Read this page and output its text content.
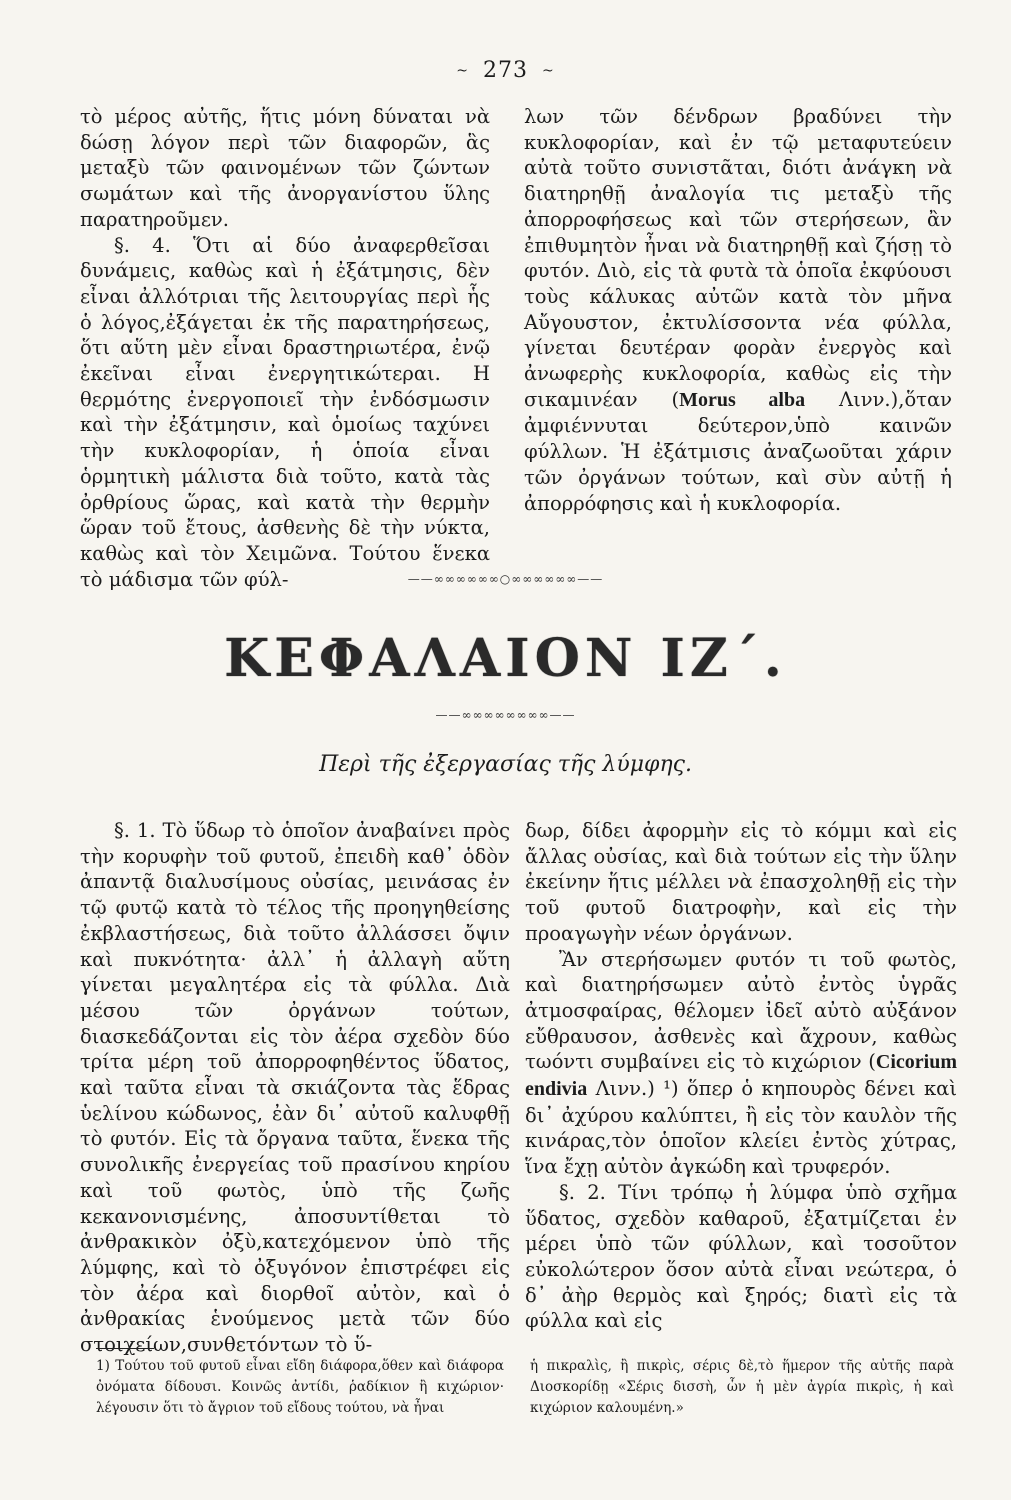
~ 273 ~

τὸ μέρος αὐτῆς, ἥτις μόνη δύναται νὰ δώσῃ λόγον περὶ τῶν διαφορῶν, ἃς μεταξὺ τῶν φαινομένων τῶν ζώντων σωμάτων καὶ τῆς ἀνοργανίστου ὕλης παρατηροῦμεν.

§. 4. Ὅτι αἱ δύο ἀναφερθεῖσαι δυνάμεις, καθὼς καὶ ἡ ἐξάτμησις, δὲν εἶναι ἀλλότριαι τῆς λειτουργίας περὶ ἧς ὁ λόγος,ἐξάγεται ἐκ τῆς παρατηρήσεως, ὅτι αὕτη μὲν εἶναι δραστηριωτέρα, ἐνῷ ἐκεῖναι εἶναι ἐνεργητικώτεραι. Η θερμότης ἐνεργοποιεῖ τὴν ἐνδόσμωσιν καὶ τὴν ἐξάτμησιν, καὶ ὁμοίως ταχύνει τὴν κυκλοφορίαν, ἡ ὁποία εἶναι ὁρμητικὴ μάλιστα διὰ τοῦτο, κατὰ τὰς ὀρθρίους ὥρας, καὶ κατὰ τὴν θερμὴν ὥραν τοῦ ἔτους, ἀσθενὴς δὲ τὴν νύκτα, καθὼς καὶ τὸν Χειμῶνα. Τούτου ἕνεκα τὸ μάδισμα τῶν φύλ-

λων τῶν δένδρων βραδύνει τὴν κυκλοφορίαν, καὶ ἐν τῷ μεταφυτεύειν αὐτὰ τοῦτο συνιστᾶται, διότι ἀνάγκη νὰ διατηρηθῇ ἀναλογία τις μεταξὺ τῆς ἀπορροφήσεως καὶ τῶν στερήσεων, ἂν ἐπιθυμητὸν ἦναι νὰ διατηρηθῇ καὶ ζήσῃ τὸ φυτόν. Διὸ, εἰς τὰ φυτὰ τὰ ὁποῖα ἐκφύουσι τοὺς κάλυκας αὐτῶν κατὰ τὸν μῆνα Αὔγουστον, ἐκτυλίσσοντα νέα φύλλα, γίνεται δευτέραν φορὰν ἐνεργὸς καὶ ἀνωφερὴς κυκλοφορία, καθὼς εἰς τὴν σικαμινέαν (Morus alba Λινν.),ὅταν ἀμφιέννυται δεύτερον,ὑπὸ καινῶν φύλλων. Ἡ ἐξάτμισις ἀναζωοῦται χάριν τῶν ὀργάνων τούτων, καὶ σὺν αὐτῇ ἡ ἀπορρόφησις καὶ ἡ κυκλοφορία.

——∞∞∞∞∞∞○∞∞∞∞∞∞——
ΚΕΦΑΛΑΙΟΝ ΙΖ΄.
——∞∞∞∞∞∞∞∞——
Περὶ τῆς ἐξεργασίας τῆς λύμφης.

§. 1. Τὸ ὕδωρ τὸ ὁποῖον ἀναβαίνει πρὸς τὴν κορυφὴν τοῦ φυτοῦ, ἐπειδὴ καθ᾽ ὁδὸν ἀπαντᾷ διαλυσίμους οὐσίας, μεινάσας ἐν τῷ φυτῷ κατὰ τὸ τέλος τῆς προηγηθείσης ἐκβλαστήσεως, διὰ τοῦτο ἀλλάσσει ὄψιν καὶ πυκνότητα· ἀλλ᾽ ἡ ἀλλαγὴ αὕτη γίνεται μεγαλητέρα εἰς τὰ φύλλα. Διὰ μέσου τῶν ὀργάνων τούτων, διασκεδάζονται εἰς τὸν ἀέρα σχεδὸν δύο τρίτα μέρη τοῦ ἀπορροφηθέντος ὕδατος, καὶ ταῦτα εἶναι τὰ σκιάζοντα τὰς ἕδρας ὑελίνου κώδωνος, ἐὰν δι᾽ αὐτοῦ καλυφθῇ τὸ φυτόν. Εἰς τὰ ὄργανα ταῦτα, ἕνεκα τῆς συνολικῆς ἐνεργείας τοῦ πρασίνου κηρίου καὶ τοῦ φωτὸς, ὑπὸ τῆς ζωῆς κεκανονισμένης, ἀποσυντίθεται τὸ ἀνθρακικὸν ὀξὺ,κατεχόμενον ὑπὸ τῆς λύμφης, καὶ τὸ ὀξυγόνον ἐπιστρέφει εἰς τὸν ἀέρα καὶ διορθοῖ αὐτὸν, καὶ ὁ ἀνθρακίας ἑνούμενος μετὰ τῶν δύο στοιχείων,συνθετόντων τὸ ὕ-

δωρ, δίδει ἀφορμὴν εἰς τὸ κόμμι καὶ εἰς ἄλλας οὐσίας, καὶ διὰ τούτων εἰς τὴν ὕλην ἐκείνην ἥτις μέλλει νὰ ἐπασχοληθῇ εἰς τὴν τοῦ φυτοῦ διατροφὴν, καὶ εἰς τὴν προαγωγὴν νέων ὀργάνων.

Ἂν στερήσωμεν φυτόν τι τοῦ φωτὸς, καὶ διατηρήσωμεν αὐτὸ ἐντὸς ὑγρᾶς ἀτμοσφαίρας, θέλομεν ἰδεῖ αὐτὸ αὐξάνον εὔθραυσον, ἀσθενὲς καὶ ἄχρουν, καθὼς τωόντι συμβαίνει εἰς τὸ κιχώριον (Cicorium endivia Λινν.) ¹) ὅπερ ὁ κηπουρὸς δένει καὶ δι᾽ ἀχύρου καλύπτει, ἢ εἰς τὸν καυλὸν τῆς κινάρας,τὸν ὁποῖον κλείει ἐντὸς χύτρας, ἵνα ἔχῃ αὐτὸν ἀγκώδη καὶ τρυφερόν.

§. 2. Τίνι τρόπῳ ἡ λύμφα ὑπὸ σχῆμα ὕδατος, σχεδὸν καθαροῦ, ἐξατμίζεται ἐν μέρει ὑπὸ τῶν φύλλων, καὶ τοσοῦτον εὐκολώτερον ὅσον αὐτὰ εἶναι νεώτερα, ὁ δ᾽ ἀὴρ θερμὸς καὶ ξηρός; διατὶ εἰς τὰ φύλλα καὶ εἰς

1) Τούτου τοῦ φυτοῦ εἶναι εἴδη διάφορα,ὅθεν καὶ διάφορα ὀνόματα δίδουσι. Κοινῶς ἀντίδι, ῥαδίκιον ἢ κιχώριον· λέγουσιν ὅτι τὸ ἄγριον τοῦ εἴδους τούτου, νὰ ἦναι

ἡ πικραλὶς, ἢ πικρὶς, σέρις δὲ,τὸ ἥμερον τῆς αὐτῆς παρὰ Διοσκορίδῃ «Σέρις δισσὴ, ὧν ἡ μὲν ἀγρία πικρὶς, ἡ καὶ κιχώριον καλουμένη.»
